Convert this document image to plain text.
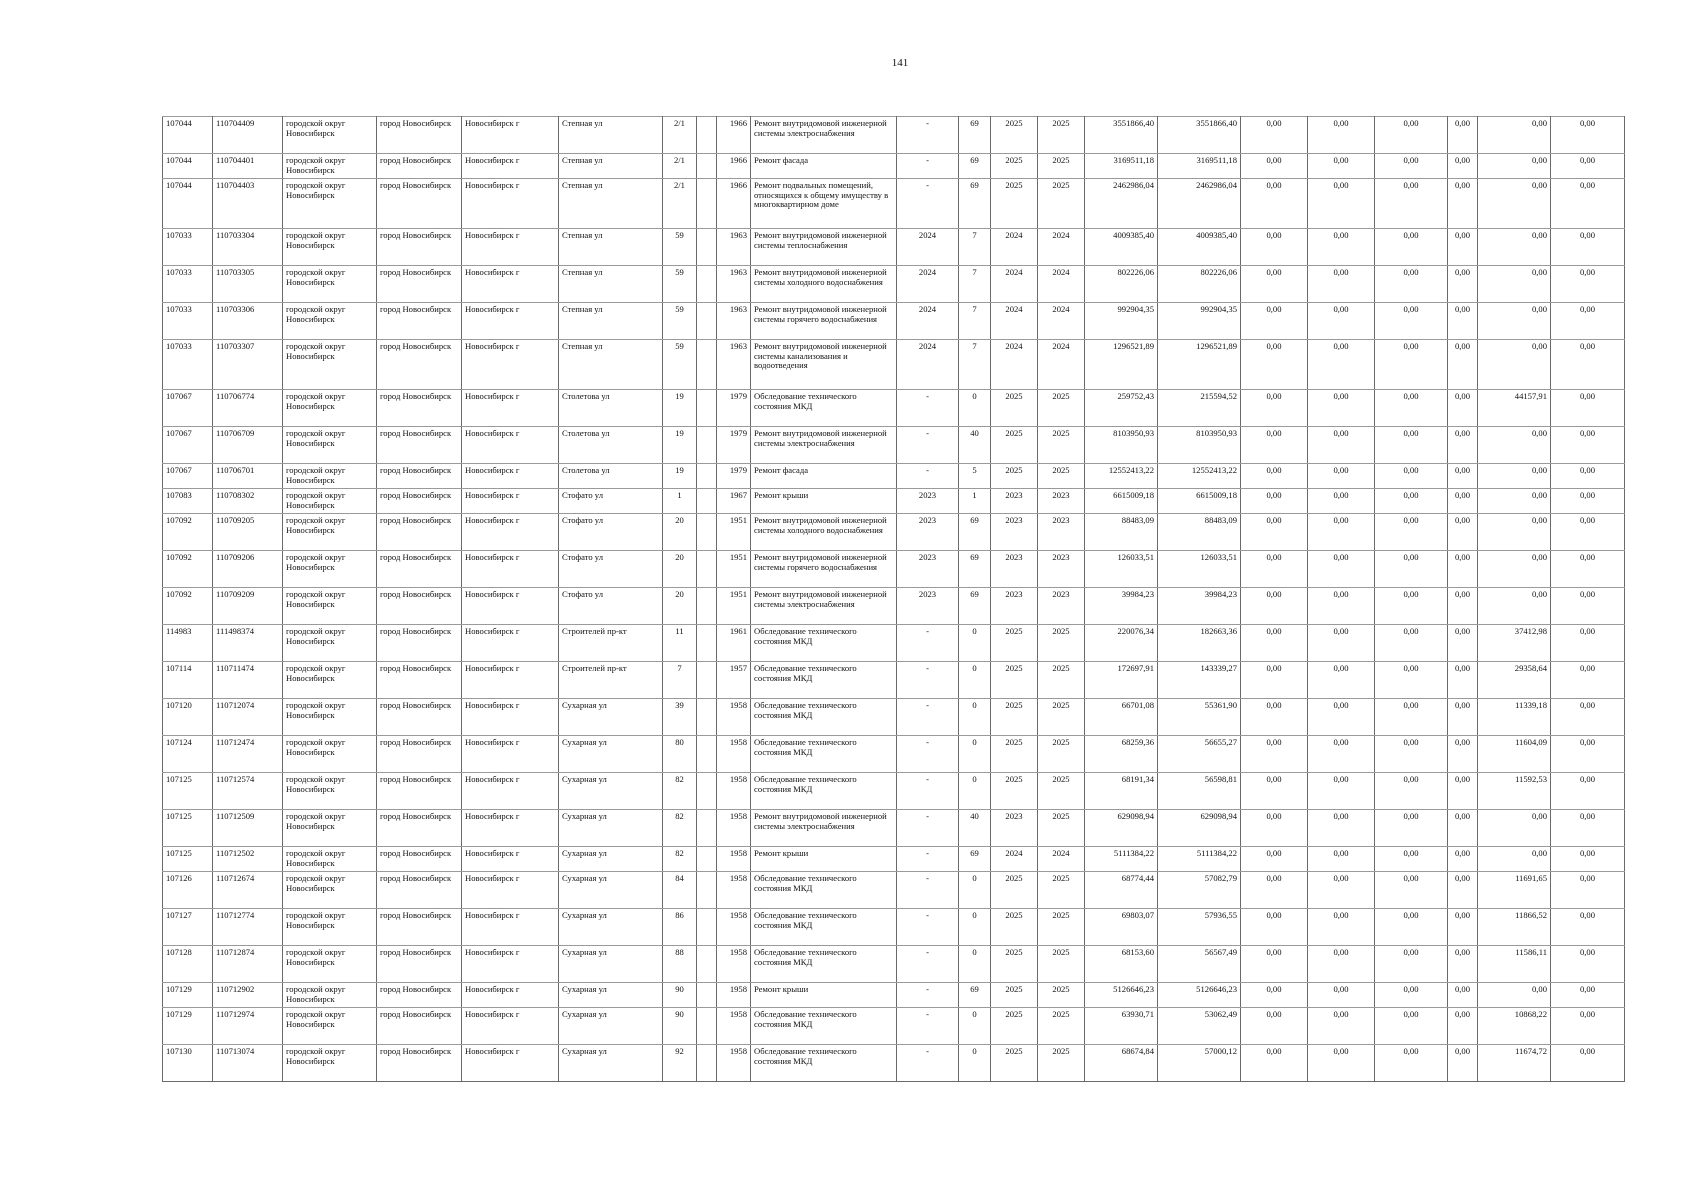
141
107044	110704409	городской округ Новосибирск	город Новосибирск	Новосибирск г	Степная ул	2/1		1966	Ремонт внутридомовой инженерной системы электроснабжения	-	69	2025	2025	3551866,40	3551866,40	0,00	0,00	0,00	0,00	0,00	0,00
107044	110704401	городской округ Новосибирск	город Новосибирск	Новосибирск г	Степная ул	2/1		1966	Ремонт фасада	-	69	2025	2025	3169511,18	3169511,18	0,00	0,00	0,00	0,00	0,00	0,00
107044	110704403	городской округ Новосибирск	город Новосибирск	Новосибирск г	Степная ул	2/1		1966	Ремонт подвальных помещений, относящихся к общему имуществу в многоквартирном доме	-	69	2025	2025	2462986,04	2462986,04	0,00	0,00	0,00	0,00	0,00	0,00
107033	110703304	городской округ Новосибирск	город Новосибирск	Новосибирск г	Степная ул	59		1963	Ремонт внутридомовой инженерной системы теплоснабжения	2024	7	2024	2024	4009385,40	4009385,40	0,00	0,00	0,00	0,00	0,00	0,00
107033	110703305	городской округ Новосибирск	город Новосибирск	Новосибирск г	Степная ул	59		1963	Ремонт внутридомовой инженерной системы холодного водоснабжения	2024	7	2024	2024	802226,06	802226,06	0,00	0,00	0,00	0,00	0,00	0,00
107033	110703306	городской округ Новосибирск	город Новосибирск	Новосибирск г	Степная ул	59		1963	Ремонт внутридомовой инженерной системы горячего водоснабжения	2024	7	2024	2024	992904,35	992904,35	0,00	0,00	0,00	0,00	0,00	0,00
107033	110703307	городской округ Новосибирск	город Новосибирск	Новосибирск г	Степная ул	59		1963	Ремонт внутридомовой инженерной системы канализования и водоотведения	2024	7	2024	2024	1296521,89	1296521,89	0,00	0,00	0,00	0,00	0,00	0,00
107067	110706774	городской округ Новосибирск	город Новосибирск	Новосибирск г	Столетова ул	19		1979	Обследование технического состояния МКД	-	0	2025	2025	259752,43	215594,52	0,00	0,00	0,00	0,00	44157,91	0,00
107067	110706709	городской округ Новосибирск	город Новосибирск	Новосибирск г	Столетова ул	19		1979	Ремонт внутридомовой инженерной системы электроснабжения	-	40	2025	2025	8103950,93	8103950,93	0,00	0,00	0,00	0,00	0,00	0,00
107067	110706701	городской округ Новосибирск	город Новосибирск	Новосибирск г	Столетова ул	19		1979	Ремонт фасада	-	5	2025	2025	12552413,22	12552413,22	0,00	0,00	0,00	0,00	0,00	0,00
107083	110708302	городской округ Новосибирск	город Новосибирск	Новосибирск г	Стофато ул	1		1967	Ремонт крыши	2023	1	2023	2023	6615009,18	6615009,18	0,00	0,00	0,00	0,00	0,00	0,00
107092	110709205	городской округ Новосибирск	город Новосибирск	Новосибирск г	Стофато ул	20		1951	Ремонт внутридомовой инженерной системы холодного водоснабжения	2023	69	2023	2023	88483,09	88483,09	0,00	0,00	0,00	0,00	0,00	0,00
107092	110709206	городской округ Новосибирск	город Новосибирск	Новосибирск г	Стофато ул	20		1951	Ремонт внутридомовой инженерной системы горячего водоснабжения	2023	69	2023	2023	126033,51	126033,51	0,00	0,00	0,00	0,00	0,00	0,00
107092	110709209	городской округ Новосибирск	город Новосибирск	Новосибирск г	Стофато ул	20		1951	Ремонт внутридомовой инженерной системы электроснабжения	2023	69	2023	2023	39984,23	39984,23	0,00	0,00	0,00	0,00	0,00	0,00
114983	111498374	городской округ Новосибирск	город Новосибирск	Новосибирск г	Строителей пр-кт	11		1961	Обследование технического состояния МКД	-	0	2025	2025	220076,34	182663,36	0,00	0,00	0,00	0,00	37412,98	0,00
107114	110711474	городской округ Новосибирск	город Новосибирск	Новосибирск г	Строителей пр-кт	7		1957	Обследование технического состояния МКД	-	0	2025	2025	172697,91	143339,27	0,00	0,00	0,00	0,00	29358,64	0,00
107120	110712074	городской округ Новосибирск	город Новосибирск	Новосибирск г	Сухарная ул	39		1958	Обследование технического состояния МКД	-	0	2025	2025	66701,08	55361,90	0,00	0,00	0,00	0,00	11339,18	0,00
107124	110712474	городской округ Новосибирск	город Новосибирск	Новосибирск г	Сухарная ул	80		1958	Обследование технического состояния МКД	-	0	2025	2025	68259,36	56655,27	0,00	0,00	0,00	0,00	11604,09	0,00
107125	110712574	городской округ Новосибирск	город Новосибирск	Новосибирск г	Сухарная ул	82		1958	Обследование технического состояния МКД	-	0	2025	2025	68191,34	56598,81	0,00	0,00	0,00	0,00	11592,53	0,00
107125	110712509	городской округ Новосибирск	город Новосибирск	Новосибирск г	Сухарная ул	82		1958	Ремонт внутридомовой инженерной системы электроснабжения	-	40	2023	2025	629098,94	629098,94	0,00	0,00	0,00	0,00	0,00	0,00
107125	110712502	городской округ Новосибирск	город Новосибирск	Новосибирск г	Сухарная ул	82		1958	Ремонт крыши	-	69	2024	2024	5111384,22	5111384,22	0,00	0,00	0,00	0,00	0,00	0,00
107126	110712674	городской округ Новосибирск	город Новосибирск	Новосибирск г	Сухарная ул	84		1958	Обследование технического состояния МКД	-	0	2025	2025	68774,44	57082,79	0,00	0,00	0,00	0,00	11691,65	0,00
107127	110712774	городской округ Новосибирск	город Новосибирск	Новосибирск г	Сухарная ул	86		1958	Обследование технического состояния МКД	-	0	2025	2025	69803,07	57936,55	0,00	0,00	0,00	0,00	11866,52	0,00
107128	110712874	городской округ Новосибирск	город Новосибирск	Новосибирск г	Сухарная ул	88		1958	Обследование технического состояния МКД	-	0	2025	2025	68153,60	56567,49	0,00	0,00	0,00	0,00	11586,11	0,00
107129	110712902	городской округ Новосибирск	город Новосибирск	Новосибирск г	Сухарная ул	90		1958	Ремонт крыши	-	69	2025	2025	5126646,23	5126646,23	0,00	0,00	0,00	0,00	0,00	0,00
107129	110712974	городской округ Новосибирск	город Новосибирск	Новосибирск г	Сухарная ул	90		1958	Обследование технического состояния МКД	-	0	2025	2025	63930,71	53062,49	0,00	0,00	0,00	0,00	10868,22	0,00
107130	110713074	городской округ Новосибирск	город Новосибирск	Новосибирск г	Сухарная ул	92		1958	Обследование технического состояния МКД	-	0	2025	2025	68674,84	57000,12	0,00	0,00	0,00	0,00	11674,72	0,00
